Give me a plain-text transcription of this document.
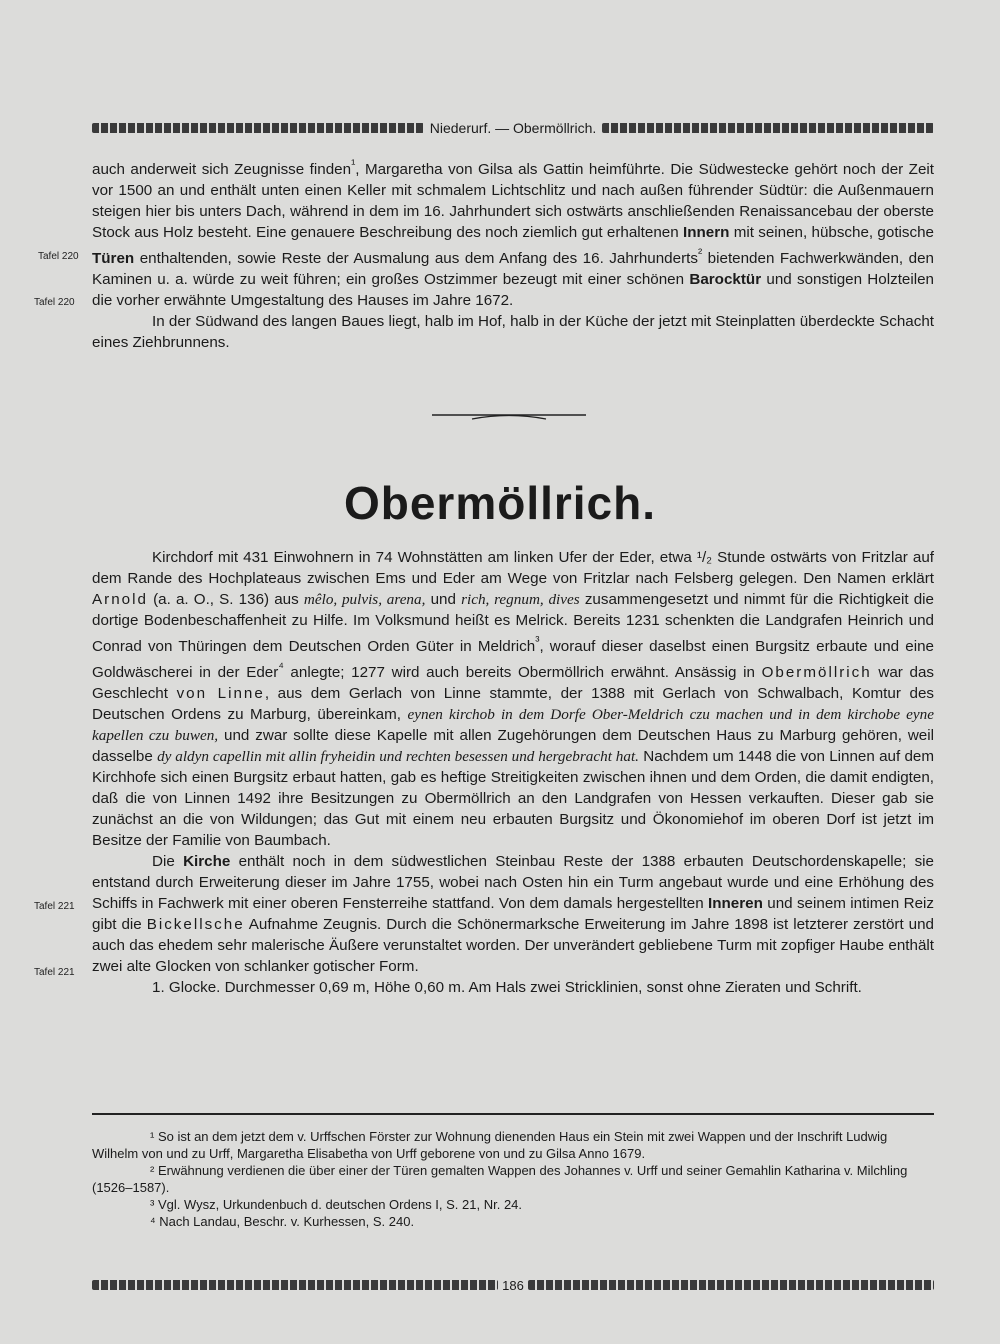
Niederurf. — Obermöllrich.
Tafel 220
Tafel 220
Tafel 221
Tafel 221

auch anderweit sich Zeugnisse finden$^{^1}$, Margaretha von Gilsa als Gattin heimführte. Die Südwestecke gehört noch der Zeit vor 1500 an und enthält unten einen Keller mit schmalem Lichtschlitz und nach außen führender Südtür: die Außenmauern steigen hier bis unters Dach, während in dem im 16. Jahrhundert sich ostwärts anschließenden Renaissancebau der oberste Stock aus Holz besteht. Eine genauere Beschreibung des noch ziemlich gut erhaltenen Innern mit seinen, hübsche, gotische Türen enthaltenden, sowie Reste der Ausmalung aus dem Anfang des 16. Jahrhunderts$^{^2}$ bietenden Fachwerkwänden, den Kaminen u. a. würde zu weit führen; ein großes Ostzimmer bezeugt mit einer schönen Barocktür und sonstigen Holzteilen die vorher erwähnte Umgestaltung des Hauses im Jahre 1672.

In der Südwand des langen Baues liegt, halb im Hof, halb in der Küche der jetzt mit Steinplatten überdeckte Schacht eines Ziehbrunnens.

Obermöllrich.

Kirchdorf mit 431 Einwohnern in 74 Wohnstätten am linken Ufer der Eder, etwa ¹/₂ Stunde ostwärts von Fritzlar auf dem Rande des Hochplateaus zwischen Ems und Eder am Wege von Fritzlar nach Felsberg gelegen. Den Namen erklärt Arnold (a. a. O., S. 136) aus mêlo, pulvis, arena, und rich, regnum, dives zusammengesetzt und nimmt für die Richtigkeit die dortige Bodenbeschaffenheit zu Hilfe. Im Volksmund heißt es Melrick. Bereits 1231 schenkten die Landgrafen Heinrich und Conrad von Thüringen dem Deutschen Orden Güter in Meldrich$^{^3}$, worauf dieser daselbst einen Burgsitz erbaute und eine Goldwäscherei in der Eder$^{^4}$ anlegte; 1277 wird auch bereits Obermöllrich erwähnt. Ansässig in Obermöllrich war das Geschlecht von Linne, aus dem Gerlach von Linne stammte, der 1388 mit Gerlach von Schwalbach, Komtur des Deutschen Ordens zu Marburg, übereinkam, eynen kirchob in dem Dorfe Ober-Meldrich czu machen und in dem kirchobe eyne kapellen czu buwen, und zwar sollte diese Kapelle mit allen Zugehörungen dem Deutschen Haus zu Marburg gehören, weil dasselbe dy aldyn capellin mit allin fryheidin und rechten besessen und hergebracht hat. Nachdem um 1448 die von Linnen auf dem Kirchhofe sich einen Burgsitz erbaut hatten, gab es heftige Streitigkeiten zwischen ihnen und dem Orden, die damit endigten, daß die von Linnen 1492 ihre Besitzungen zu Obermöllrich an den Landgrafen von Hessen verkauften. Dieser gab sie zunächst an die von Wildungen; das Gut mit einem neu erbauten Burgsitz und Ökonomiehof im oberen Dorf ist jetzt im Besitze der Familie von Baumbach.

Die Kirche enthält noch in dem südwestlichen Steinbau Reste der 1388 erbauten Deutschordenskapelle; sie entstand durch Erweiterung dieser im Jahre 1755, wobei nach Osten hin ein Turm angebaut wurde und eine Erhöhung des Schiffs in Fachwerk mit einer oberen Fensterreihe stattfand. Von dem damals hergestellten Inneren und seinem intimen Reiz gibt die Bickellsche Aufnahme Zeugnis. Durch die Schönermarksche Erweiterung im Jahre 1898 ist letzterer zerstört und auch das ehedem sehr malerische Äußere verunstaltet worden. Der unverändert gebliebene Turm mit zopfiger Haube enthält zwei alte Glocken von schlanker gotischer Form.

1. Glocke. Durchmesser 0,69 m, Höhe 0,60 m. Am Hals zwei Stricklinien, sonst ohne Zieraten und Schrift.

¹ So ist an dem jetzt dem v. Urffschen Förster zur Wohnung dienenden Haus ein Stein mit zwei Wappen und der Inschrift Ludwig Wilhelm von und zu Urff, Margaretha Elisabetha von Urff geborene von und zu Gilsa Anno 1679.

² Erwähnung verdienen die über einer der Türen gemalten Wappen des Johannes v. Urff und seiner Gemahlin Katharina v. Milchling (1526–1587).

³ Vgl. Wysz, Urkundenbuch d. deutschen Ordens I, S. 21, Nr. 24.

⁴ Nach Landau, Beschr. v. Kurhessen, S. 240.

186
